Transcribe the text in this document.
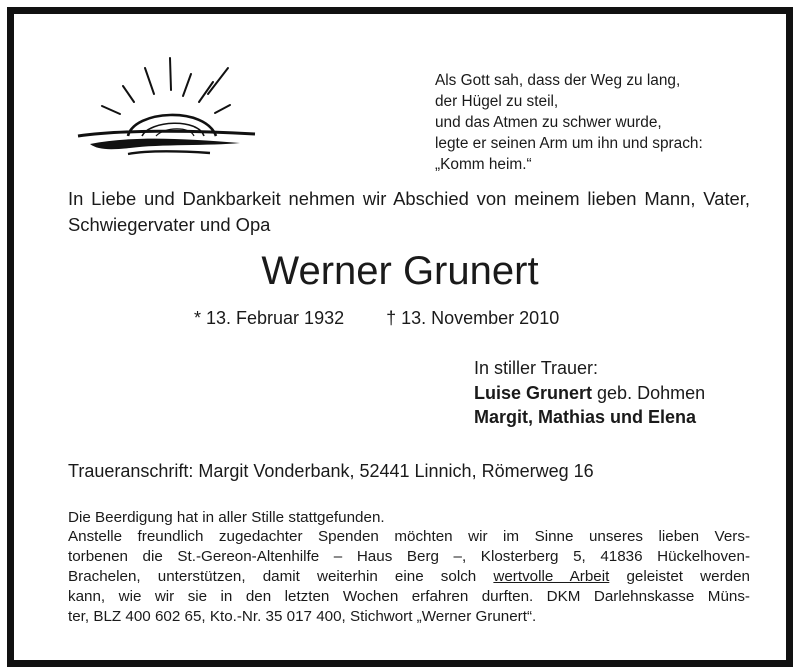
Als Gott sah, dass der Weg zu lang,
der Hügel zu steil,
und das Atmen zu schwer wurde,
legte er seinen Arm um ihn und sprach:
„Komm heim.“

In Liebe und Dankbarkeit nehmen wir Abschied von meinem lieben Mann, Vater, Schwiegervater und Opa

Werner Grunert
* 13. Februar 1932 † 13. November 2010
In stiller Trauer:
Luise Grunert geb. Dohmen
Margit, Mathias und Elena
Traueranschrift: Margit Vonderbank, 52441 Linnich, Römerweg 16

Die Beerdigung hat in aller Stille stattgefunden.

Anstelle freundlich zugedachter Spenden möchten wir im Sinne unseres lieben Vers-
torbenen die St.-Gereon-Altenhilfe – Haus Berg –, Klosterberg 5, 41836 Hückelhoven-
Brachelen, unterstützen, damit weiterhin eine solch wertvolle Arbeit geleistet werden
kann, wie wir sie in den letzten Wochen erfahren durften. DKM Darlehnskasse Müns-
ter, BLZ 400 602 65, Kto.-Nr. 35 017 400, Stichwort „Werner Grunert“.
